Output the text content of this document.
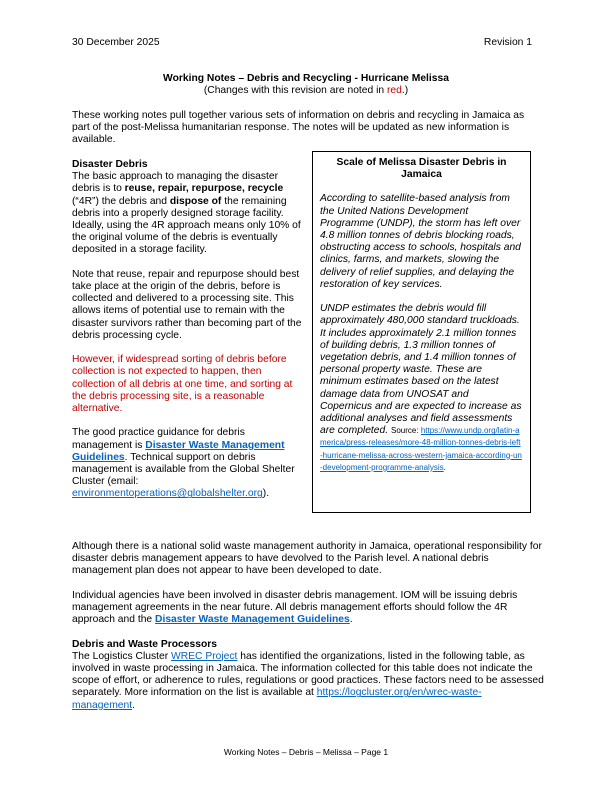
30 December 2025	Revision 1
Working Notes – Debris and Recycling - Hurricane Melissa
(Changes with this revision are noted in red.)

These working notes pull together various sets of information on debris and recycling in Jamaica as part of the post-Melissa humanitarian response. The notes will be updated as new information is available.

Disaster Debris

The basic approach to managing the disaster debris is to reuse, repair, repurpose, recycle (“4R”) the debris and dispose of the remaining debris into a properly designed storage facility. Ideally, using the 4R approach means only 10% of the original volume of the debris is eventually deposited in a storage facility.

Note that reuse, repair and repurpose should best take place at the origin of the debris, before is collected and delivered to a processing site. This allows items of potential use to remain with the disaster survivors rather than becoming part of the debris processing cycle.

However, if widespread sorting of debris before collection is not expected to happen, then collection of all debris at one time, and sorting at the debris processing site, is a reasonable alternative.

The good practice guidance for debris management is Disaster Waste Management Guidelines. Technical support on debris management is available from the Global Shelter Cluster (email: environmentoperations@globalshelter.org).

Scale of Melissa Disaster Debris in Jamaica

According to satellite-based analysis from the United Nations Development Programme (UNDP), the storm has left over 4.8 million tonnes of debris blocking roads, obstructing access to schools, hospitals and clinics, farms, and markets, slowing the delivery of relief supplies, and delaying the restoration of key services.

UNDP estimates the debris would fill approximately 480,000 standard truckloads. It includes approximately 2.1 million tonnes of building debris, 1.3 million tonnes of vegetation debris, and 1.4 million tonnes of personal property waste. These are minimum estimates based on the latest damage data from UNOSAT and Copernicus and are expected to increase as additional analyses and field assessments are completed. Source: https://www.undp.org/latin-america/press-releases/more-48-million-tonnes-debris-left-hurricane-melissa-across-western-jamaica-according-un-development-programme-analysis.

Although there is a national solid waste management authority in Jamaica, operational responsibility for disaster debris management appears to have devolved to the Parish level. A national debris management plan does not appear to have been developed to date.

Individual agencies have been involved in disaster debris management. IOM will be issuing debris management agreements in the near future. All debris management efforts should follow the 4R approach and the Disaster Waste Management Guidelines.

Debris and Waste Processors

The Logistics Cluster WREC Project has identified the organizations, listed in the following table, as involved in waste processing in Jamaica. The information collected for this table does not indicate the scope of effort, or adherence to rules, regulations or good practices. These factors need to be assessed separately. More information on the list is available at https://logcluster.org/en/wrec-waste-management.

Working Notes – Debris – Melissa – Page 1
